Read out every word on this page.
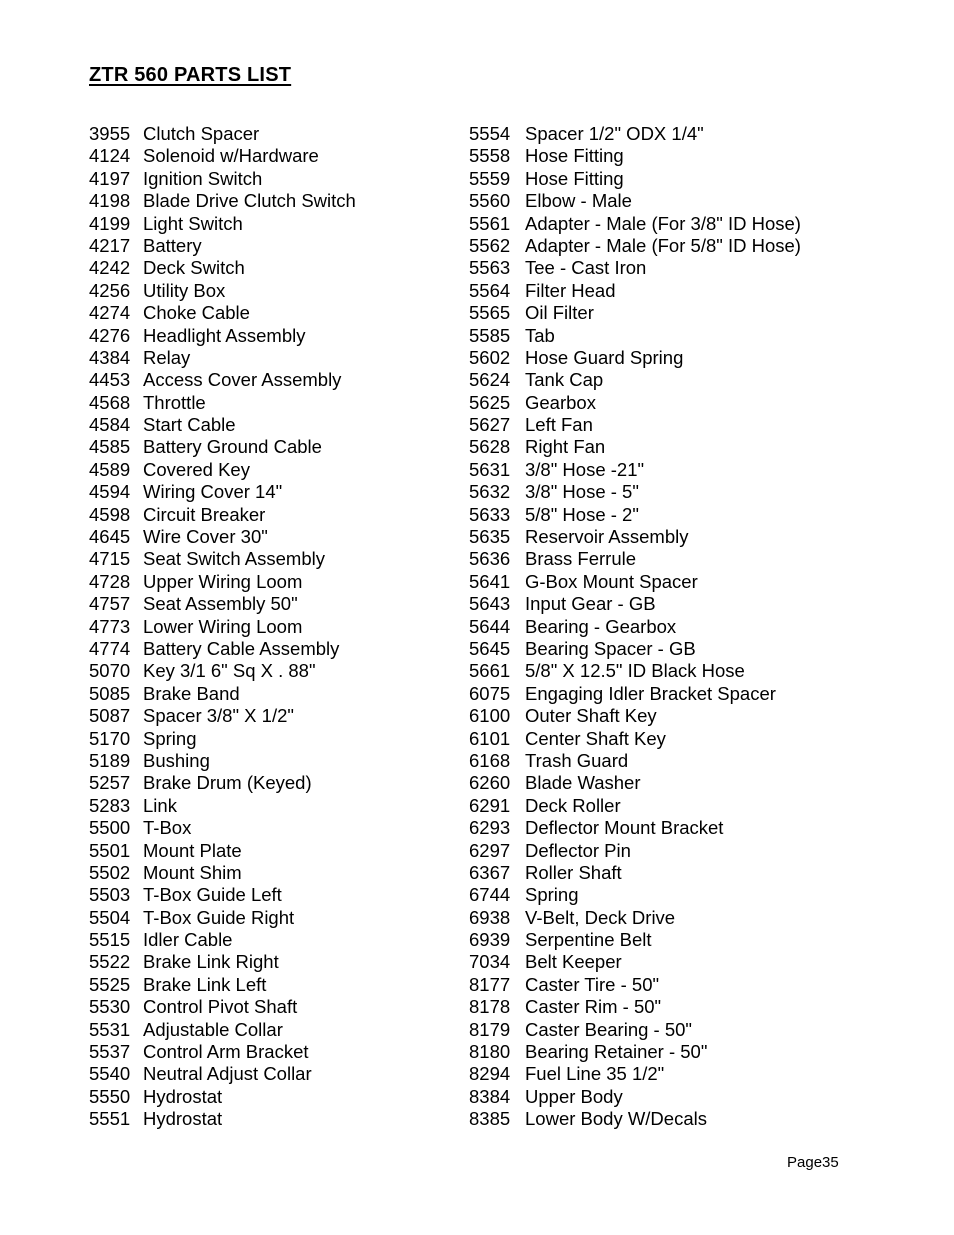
ZTR 560 PARTS LIST
3955 Clutch Spacer
4124 Solenoid w/Hardware
4197 Ignition Switch
4198 Blade Drive Clutch Switch
4199 Light Switch
4217 Battery
4242 Deck Switch
4256 Utility Box
4274 Choke Cable
4276 Headlight Assembly
4384 Relay
4453 Access Cover Assembly
4568 Throttle
4584 Start Cable
4585 Battery Ground Cable
4589 Covered Key
4594 Wiring Cover 14"
4598 Circuit Breaker
4645 Wire Cover 30"
4715 Seat Switch Assembly
4728 Upper Wiring Loom
4757 Seat Assembly 50"
4773 Lower Wiring Loom
4774 Battery Cable Assembly
5070 Key 3/1 6" Sq X . 88"
5085 Brake Band
5087 Spacer 3/8" X 1/2"
5170 Spring
5189 Bushing
5257 Brake Drum (Keyed)
5283 Link
5500 T-Box
5501 Mount Plate
5502 Mount Shim
5503 T-Box Guide Left
5504 T-Box Guide Right
5515 Idler Cable
5522 Brake Link Right
5525 Brake Link Left
5530 Control Pivot Shaft
5531 Adjustable Collar
5537 Control Arm Bracket
5540 Neutral Adjust Collar
5550 Hydrostat
5551 Hydrostat
5554 Spacer 1/2" ODX 1/4"
5558 Hose Fitting
5559 Hose Fitting
5560 Elbow - Male
5561 Adapter - Male (For 3/8" ID Hose)
5562 Adapter - Male (For 5/8" ID Hose)
5563 Tee - Cast Iron
5564 Filter Head
5565 Oil Filter
5585 Tab
5602 Hose Guard Spring
5624 Tank Cap
5625 Gearbox
5627 Left Fan
5628 Right Fan
5631 3/8" Hose -21"
5632 3/8" Hose - 5"
5633 5/8" Hose - 2"
5635 Reservoir Assembly
5636 Brass Ferrule
5641 G-Box Mount Spacer
5643 Input Gear - GB
5644 Bearing - Gearbox
5645 Bearing Spacer - GB
5661 5/8" X 12.5" ID Black Hose
6075 Engaging Idler Bracket Spacer
6100 Outer Shaft Key
6101 Center Shaft Key
6168 Trash Guard
6260 Blade Washer
6291 Deck Roller
6293 Deflector Mount Bracket
6297 Deflector Pin
6367 Roller Shaft
6744 Spring
6938 V-Belt, Deck Drive
6939 Serpentine Belt
7034 Belt Keeper
8177 Caster Tire - 50"
8178 Caster Rim - 50"
8179 Caster Bearing - 50"
8180 Bearing Retainer - 50"
8294 Fuel Line 35 1/2"
8384 Upper Body
8385 Lower Body W/Decals
Page35
